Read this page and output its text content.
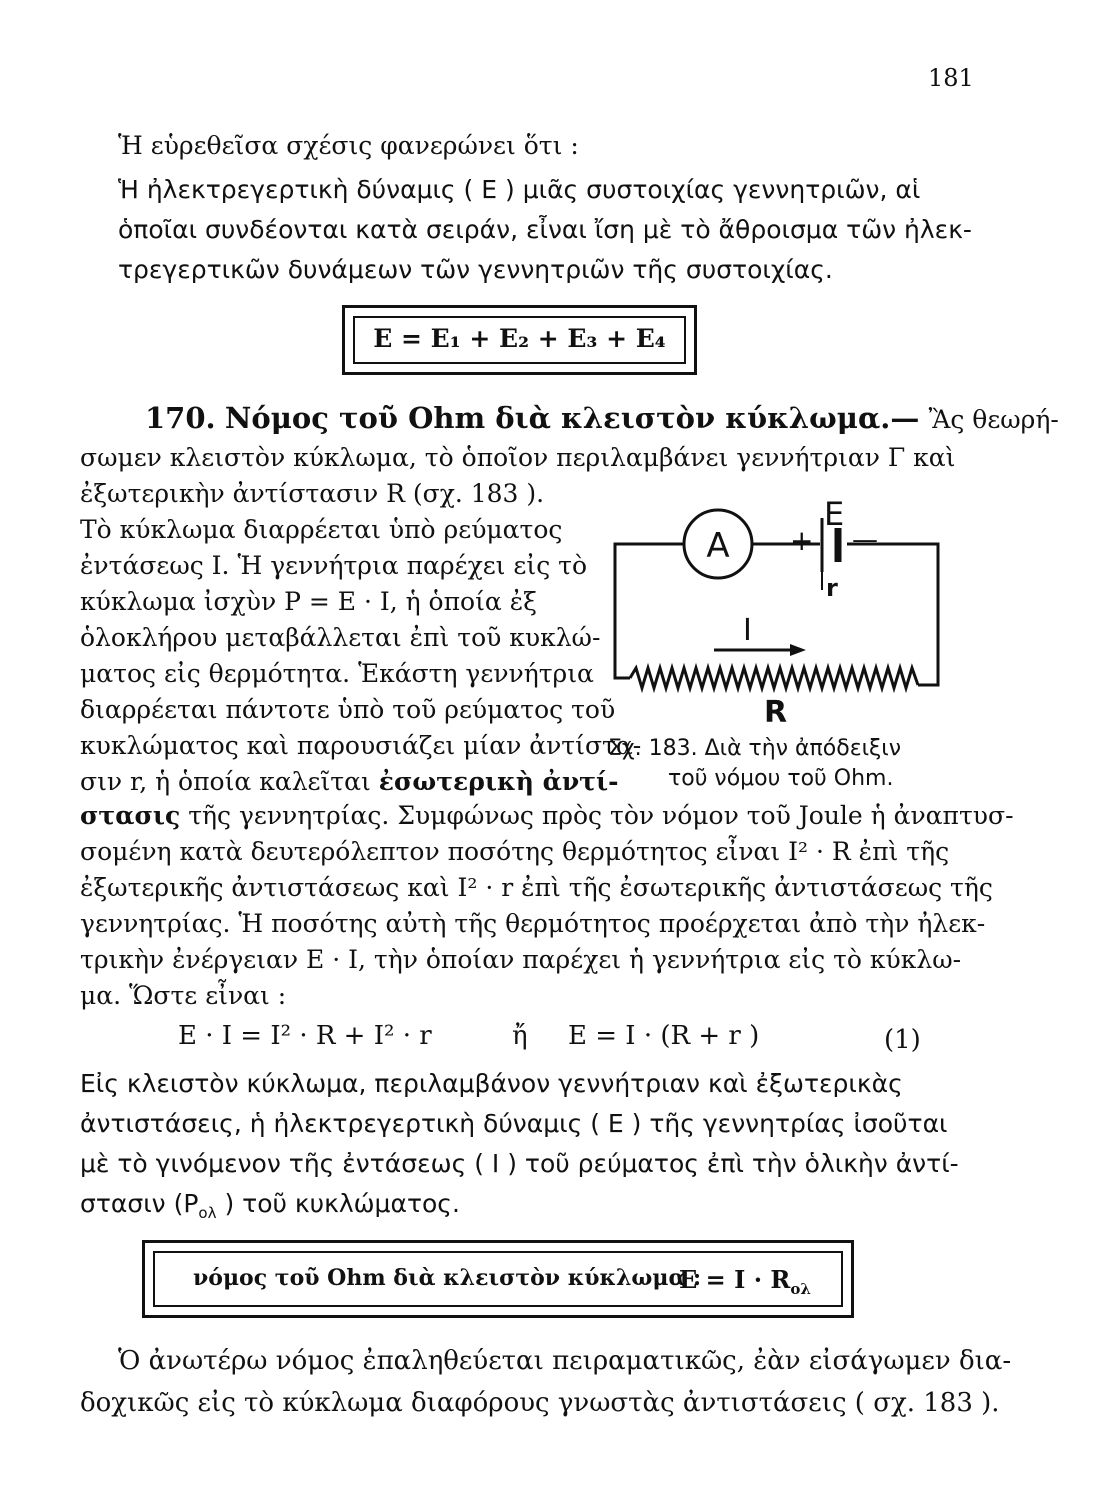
181
Ἡ εὑρεθεῖσα σχέσις φανερώνει ὅτι :
Ἡ ἠλεκτρεγερτικὴ δύναμις ( Ε ) μιᾶς συστοιχίας γεννητριῶν, αἱ
ὁποῖαι συνδέονται κατὰ σειράν, εἶναι ἴση μὲ τὸ ἄθροισμα τῶν ἠλεκ-
τρεγερτικῶν δυνάμεων τῶν γεννητριῶν τῆς συστοιχίας.
Ε = Ε₁ + Ε₂ + Ε₃ + Ε₄
170. Νόμος τοῦ Ohm διὰ κλειστὸν κύκλωμα.— Ἂς θεωρή-
σωμεν κλειστὸν κύκλωμα, τὸ ὁποῖον περιλαμβάνει γεννήτριαν Γ καὶ
ἐξωτερικὴν ἀντίστασιν R (σχ. 183 ).
Τὸ κύκλωμα διαρρέεται ὑπὸ ρεύματος
ἐντάσεως Ι. Ἡ γεννήτρια παρέχει εἰς τὸ
κύκλωμα ἰσχὺν Ρ = Ε · Ι, ἡ ὁποία ἐξ
ὁλοκλήρου μεταβάλλεται ἐπὶ τοῦ κυκλώ-
ματος εἰς θερμότητα. Ἑκάστη γεννήτρια
διαρρέεται πάντοτε ὑπὸ τοῦ ρεύματος τοῦ
κυκλώματος καὶ παρουσιάζει μίαν ἀντίστα-
σιν r, ἡ ὁποία καλεῖται ἐσωτερικὴ ἀντί-
A
E
+ —
r
I
R
Σχ. 183. Διὰ τὴν ἀπόδειξιν
τοῦ νόμου τοῦ Ohm.
στασις τῆς γεννητρίας. Συμφώνως πρὸς τὸν νόμον τοῦ Joule ἡ ἀναπτυσ-
σομένη κατὰ δευτερόλεπτον ποσότης θερμότητος εἶναι Ι² · R ἐπὶ τῆς
ἐξωτερικῆς ἀντιστάσεως καὶ Ι² · r ἐπὶ τῆς ἐσωτερικῆς ἀντιστάσεως τῆς
γεννητρίας. Ἡ ποσότης αὐτὴ τῆς θερμότητος προέρχεται ἀπὸ τὴν ἠλεκ-
τρικὴν ἐνέργειαν Ε · Ι, τὴν ὁποίαν παρέχει ἡ γεννήτρια εἰς τὸ κύκλω-
μα. Ὥστε εἶναι :
Ε · Ι = Ι² · R + Ι² · r	ἤ Ε = Ι · (R + r )	(1)
Εἰς κλειστὸν κύκλωμα, περιλαμβάνον γεννήτριαν καὶ ἐξωτερικὰς
ἀντιστάσεις, ἡ ἠλεκτρεγερτικὴ δύναμις ( Ε ) τῆς γεννητρίας ἰσοῦται
μὲ τὸ γινόμενον τῆς ἐντάσεως ( Ι ) τοῦ ρεύματος ἐπὶ τὴν ὁλικὴν ἀντί-
στασιν ($P_{o\lambda}$ ) τοῦ κυκλώματος.
νόμος τοῦ Ohm διὰ κλειστὸν κύκλωμα :
$E = I \cdot R_{o\lambda}$
Ὁ ἀνωτέρω νόμος ἐπαληθεύεται πειραματικῶς, ἐὰν εἰσάγωμεν δια-
δοχικῶς εἰς τὸ κύκλωμα διαφόρους γνωστὰς ἀντιστάσεις ( σχ. 183 ).
